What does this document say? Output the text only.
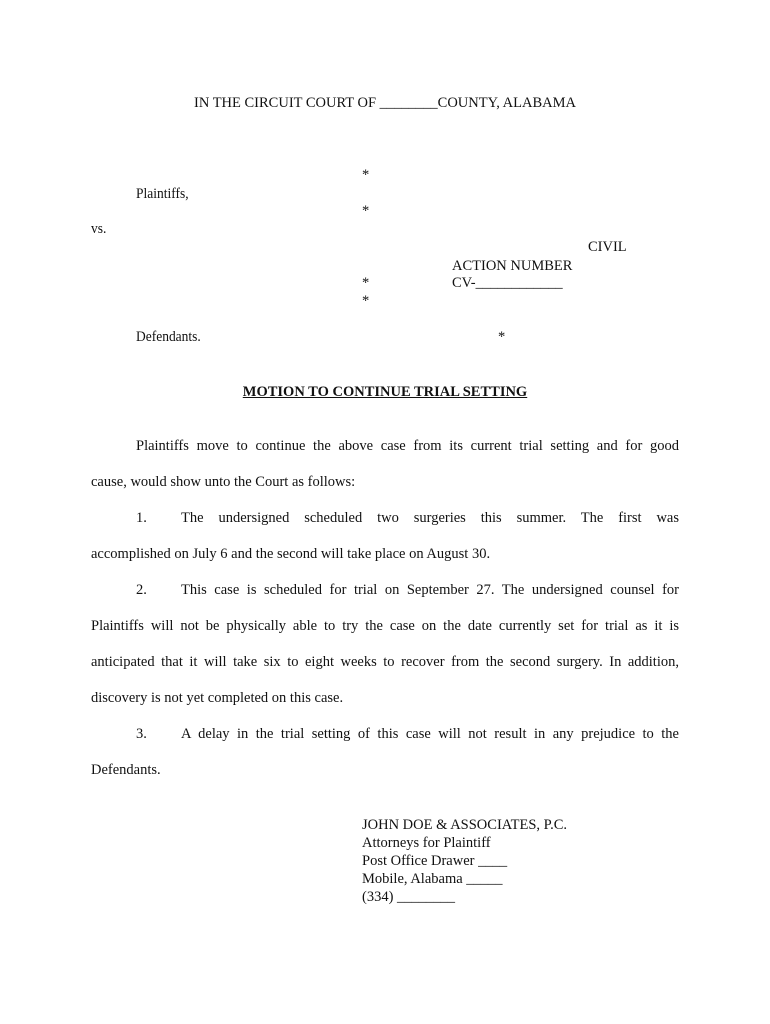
IN THE CIRCUIT COURT OF ________COUNTY, ALABAMA
*
Plaintiffs,
*
vs.
CIVIL
ACTION NUMBER
*	CV-____________
*
Defendants.	*
MOTION TO CONTINUE TRIAL SETTING

Plaintiffs move to continue the above case from its current trial setting and for good

cause, would show unto the Court as follows:

1. The undersigned scheduled two surgeries this summer. The first was

accomplished on July 6 and the second will take place on August 30.

2. This case is scheduled for trial on September 27. The undersigned counsel for

Plaintiffs will not be physically able to try the case on the date currently set for trial as it is

anticipated that it will take six to eight weeks to recover from the second surgery. In addition,

discovery is not yet completed on this case.

3. A delay in the trial setting of this case will not result in any prejudice to the

Defendants.

JOHN DOE & ASSOCIATES, P.C.
Attorneys for Plaintiff
Post Office Drawer ____
Mobile, Alabama _____
(334) ________
